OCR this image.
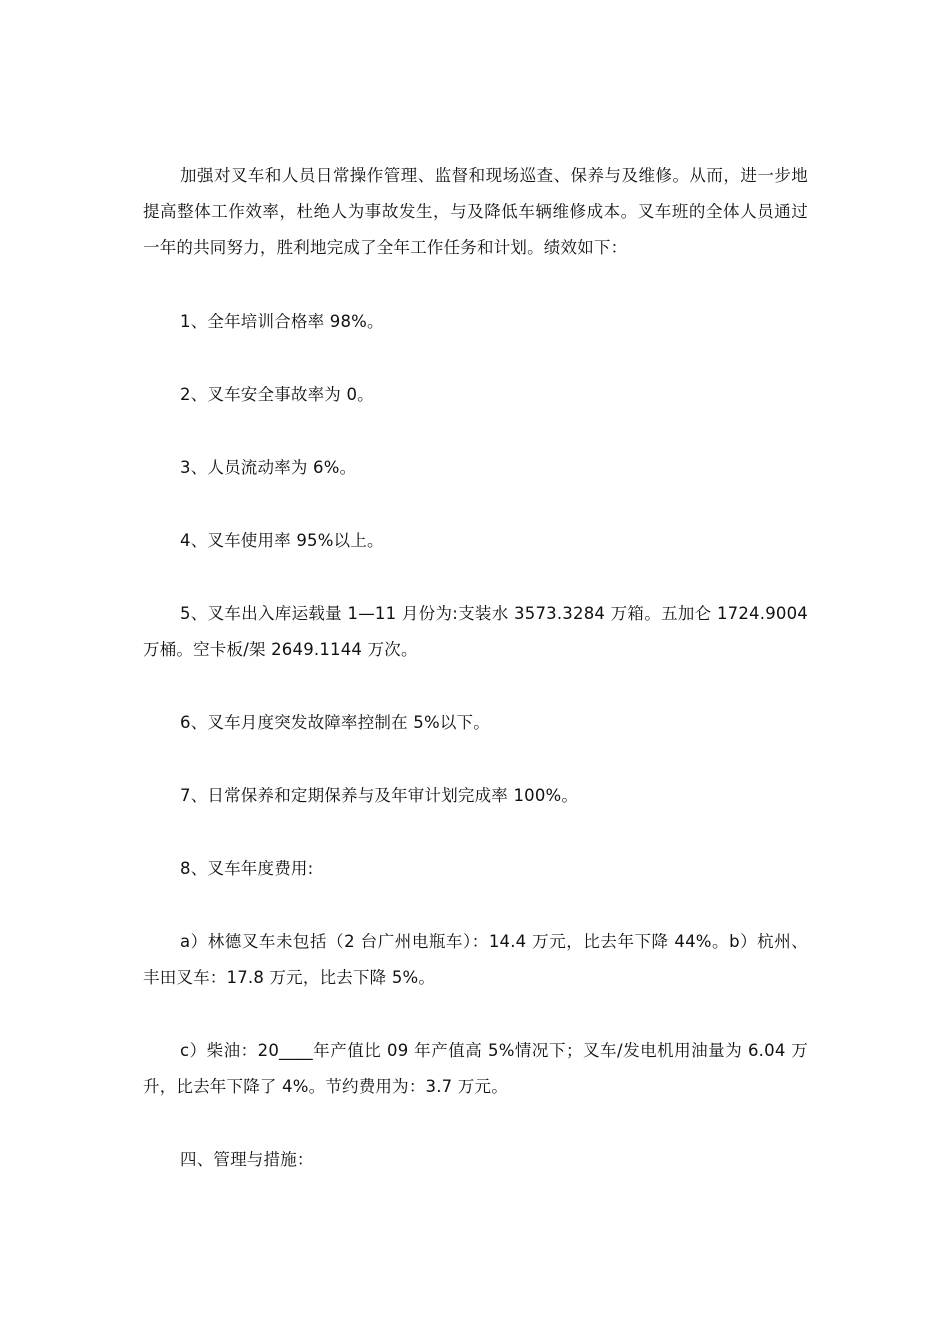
加强对叉车和人员日常操作管理、监督和现场巡查、保养与及维修。从而，进一步地提高整体工作效率，杜绝人为事故发生，与及降低车辆维修成本。叉车班的全体人员通过一年的共同努力，胜利地完成了全年工作任务和计划。绩效如下：

1、全年培训合格率 98%。

2、叉车安全事故率为 0。

3、人员流动率为 6%。

4、叉车使用率 95%以上。

5、叉车出入库运载量 1—11 月份为:支装水 3573.3284 万箱。五加仑 1724.9004 万桶。空卡板/架 2649.1144 万次。

6、叉车月度突发故障率控制在 5%以下。

7、日常保养和定期保养与及年审计划完成率 100%。

8、叉车年度费用:

a）林德叉车未包括（2 台广州电瓶车）：14.4 万元，比去年下降 44%。b）杭州、丰田叉车：17.8 万元，比去下降 5%。

c）柴油：20____年产值比 09 年产值高 5%情况下；叉车/发电机用油量为 6.04 万升，比去年下降了 4%。节约费用为：3.7 万元。

四、管理与措施：
